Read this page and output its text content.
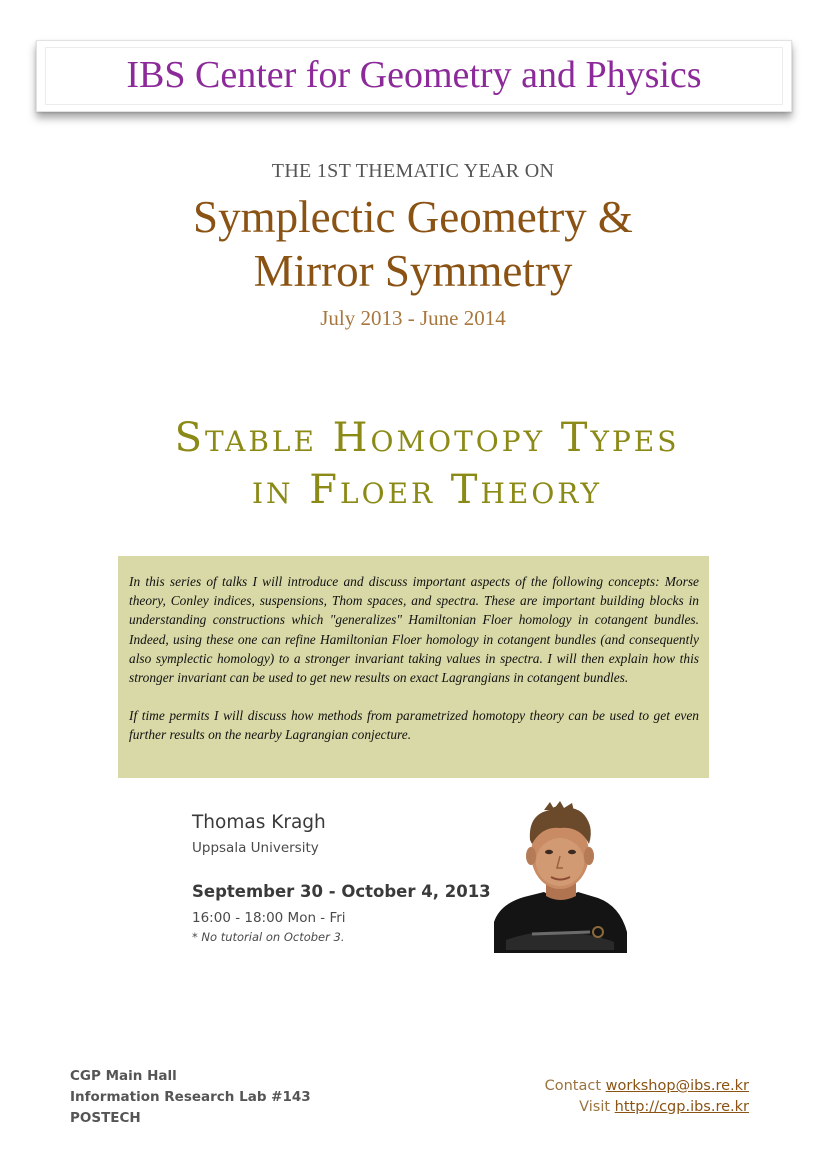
IBS Center for Geometry and Physics
THE 1ST THEMATIC YEAR ON
Symplectic Geometry &
Mirror Symmetry
July 2013 - June 2014
Stable Homotopy Types
in Floer Theory

In this series of talks I will introduce and discuss important aspects of the following concepts: Morse theory, Conley indices, suspensions, Thom spaces, and spectra. These are important building blocks in understanding constructions which "generalizes" Hamiltonian Floer homology in cotangent bundles. Indeed, using these one can refine Hamiltonian Floer homology in cotangent bundles (and consequently also symplectic homology) to a stronger invariant taking values in spectra. I will then explain how this stronger invariant can be used to get new results on exact Lagrangians in cotangent bundles.

If time permits I will discuss how methods from parametrized homotopy theory can be used to get even further results on the nearby Lagrangian conjecture.

Thomas Kragh
Uppsala University
September 30 - October 4, 2013
16:00 - 18:00 Mon - Fri
* No tutorial on October 3.
CGP Main Hall
Information Research Lab #143
POSTECH
Contact workshop@ibs.re.kr
Visit http://cgp.ibs.re.kr
